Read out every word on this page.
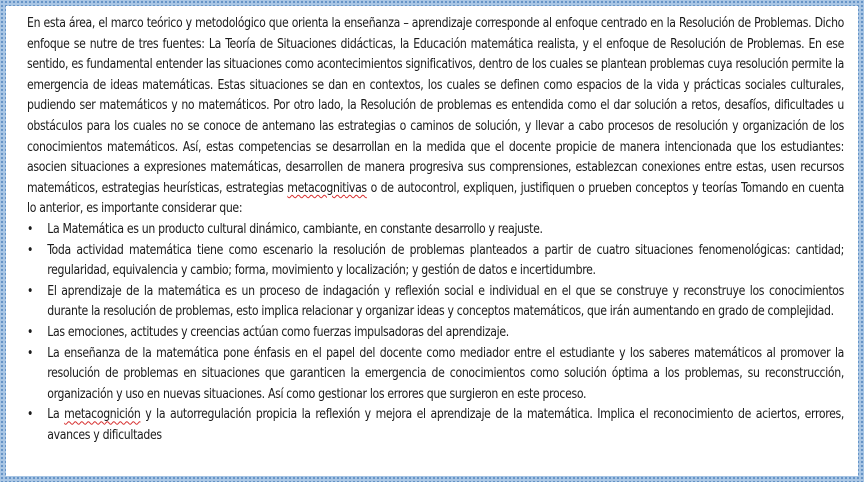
En esta área, el marco teórico y metodológico que orienta la enseñanza – aprendizaje corresponde al enfoque centrado en la Resolución de Problemas. Dicho enfoque se nutre de tres fuentes: La Teoría de Situaciones didácticas, la Educación matemática realista, y el enfoque de Resolución de Problemas. En ese sentido, es fundamental entender las situaciones como acontecimientos significativos, dentro de los cuales se plantean problemas cuya resolución permite la emergencia de ideas matemáticas. Estas situaciones se dan en contextos, los cuales se definen como espacios de la vida y prácticas sociales culturales, pudiendo ser matemáticos y no matemáticos. Por otro lado, la Resolución de problemas es entendida como el dar solución a retos, desafíos, dificultades u obstáculos para los cuales no se conoce de antemano las estrategias o caminos de solución, y llevar a cabo procesos de resolución y organización de los conocimientos matemáticos. Así, estas competencias se desarrollan en la medida que el docente propicie de manera intencionada que los estudiantes: asocien situaciones a expresiones matemáticas, desarrollen de manera progresiva sus comprensiones, establezcan conexiones entre estas, usen recursos matemáticos, estrategias heurísticas, estrategias metacognitivas o de autocontrol, expliquen, justifiquen o prueben conceptos y teorías Tomando en cuenta lo anterior, es importante considerar que:

• La Matemática es un producto cultural dinámico, cambiante, en constante desarrollo y reajuste.
• Toda actividad matemática tiene como escenario la resolución de problemas planteados a partir de cuatro situaciones fenomenológicas: cantidad; regularidad, equivalencia y cambio; forma, movimiento y localización; y gestión de datos e incertidumbre.
• El aprendizaje de la matemática es un proceso de indagación y reflexión social e individual en el que se construye y reconstruye los conocimientos durante la resolución de problemas, esto implica relacionar y organizar ideas y conceptos matemáticos, que irán aumentando en grado de complejidad.
• Las emociones, actitudes y creencias actúan como fuerzas impulsadoras del aprendizaje.
• La enseñanza de la matemática pone énfasis en el papel del docente como mediador entre el estudiante y los saberes matemáticos al promover la resolución de problemas en situaciones que garanticen la emergencia de conocimientos como solución óptima a los problemas, su reconstrucción, organización y uso en nuevas situaciones. Así como gestionar los errores que surgieron en este proceso.
• La metacognición y la autorregulación propicia la reflexión y mejora el aprendizaje de la matemática. Implica el reconocimiento de aciertos, errores, avances y dificultades
